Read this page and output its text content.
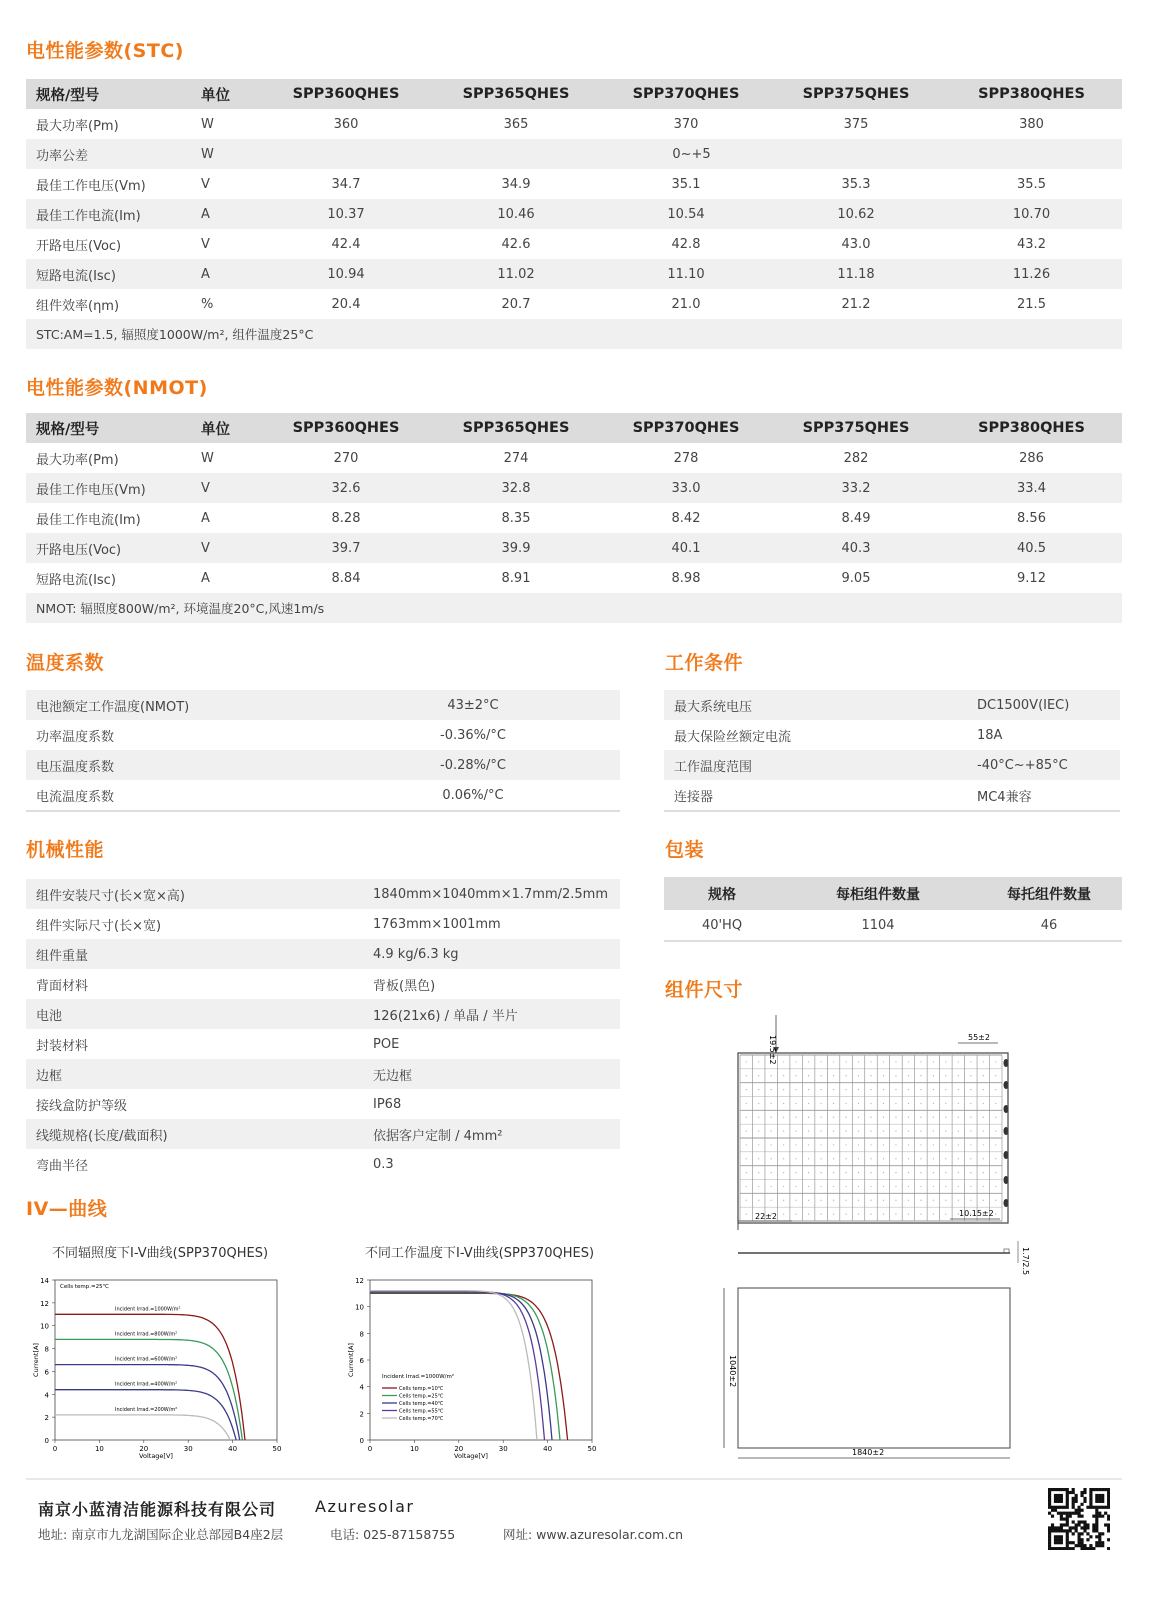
电性能参数(STC)
规格/型号	单位	SPP360QHES	SPP365QHES	SPP370QHES	SPP375QHES	SPP380QHES
最大功率(Pm)	W	360	365	370	375	380
功率公差	W	0~+5				
最佳工作电压(Vm)	V	34.7	34.9	35.1	35.3	35.5
最佳工作电流(Im)	A	10.37	10.46	10.54	10.62	10.70
开路电压(Voc)	V	42.4	42.6	42.8	43.0	43.2
短路电流(Isc)	A	10.94	11.02	11.10	11.18	11.26
组件效率(ηm)	%	20.4	20.7	21.0	21.2	21.5
STC:AM=1.5, 辐照度1000W/m², 组件温度25°C						
电性能参数(NMOT)
规格/型号	单位	SPP360QHES	SPP365QHES	SPP370QHES	SPP375QHES	SPP380QHES
最大功率(Pm)	W	270	274	278	282	286
最佳工作电压(Vm)	V	32.6	32.8	33.0	33.2	33.4
最佳工作电流(Im)	A	8.28	8.35	8.42	8.49	8.56
开路电压(Voc)	V	39.7	39.9	40.1	40.3	40.5
短路电流(Isc)	A	8.84	8.91	8.98	9.05	9.12
NMOT: 辐照度800W/m², 环境温度20°C,风速1m/s						
温度系数
电池额定工作温度(NMOT)	43±2°C
功率温度系数	-0.36%/°C
电压温度系数	-0.28%/°C
电流温度系数	0.06%/°C
工作条件
最大系统电压	DC1500V(IEC)
最大保险丝额定电流	18A
工作温度范围	-40°C~+85°C
连接器	MC4兼容
机械性能
组件安装尺寸(长×宽×高)	1840mm×1040mm×1.7mm/2.5mm
组件实际尺寸(长×宽)	1763mm×1001mm
组件重量	4.9 kg/6.3 kg
背面材料	背板(黑色)
电池	126(21x6) / 单晶 / 半片
封装材料	POE
边框	无边框
接线盒防护等级	IP68
线缆规格(长度/截面积)	依据客户定制 / 4mm²
弯曲半径	0.3
包装
规格	每柜组件数量	每托组件数量
40'HQ	1104	46
组件尺寸
19.5±2	55±2
22±2	10.15±2
1.7/2.5
1040±2
1840±2
IV—曲线
不同辐照度下I-V曲线(SPP370QHES)	不同工作温度下I-V曲线(SPP370QHES)
0
2
4
6
8
10
12
14
0	10	20	30	40	50
Voltage[V]
Current[A]
Cells temp.=25℃
Incident Irrad.=1000W/m²
Incident Irrad.=800W/m²
Incident Irrad.=600W/m²
Incident Irrad.=400W/m²
Incident Irrad.=200W/m²
0
2
4
6
8
10
12
0	10	20	30	40	50
Voltage[V]
Current[A]
Incident Irrad.=1000W/m²
Cells temp.=10℃
Cells temp.=25℃
Cells temp.=40℃
Cells temp.=55℃
Cells temp.=70℃
南京小蓝清洁能源科技有限公司 Azuresolar
地址: 南京市九龙湖国际企业总部园B4座2层	电话: 025-87158755	网址: www.azuresolar.com.cn
